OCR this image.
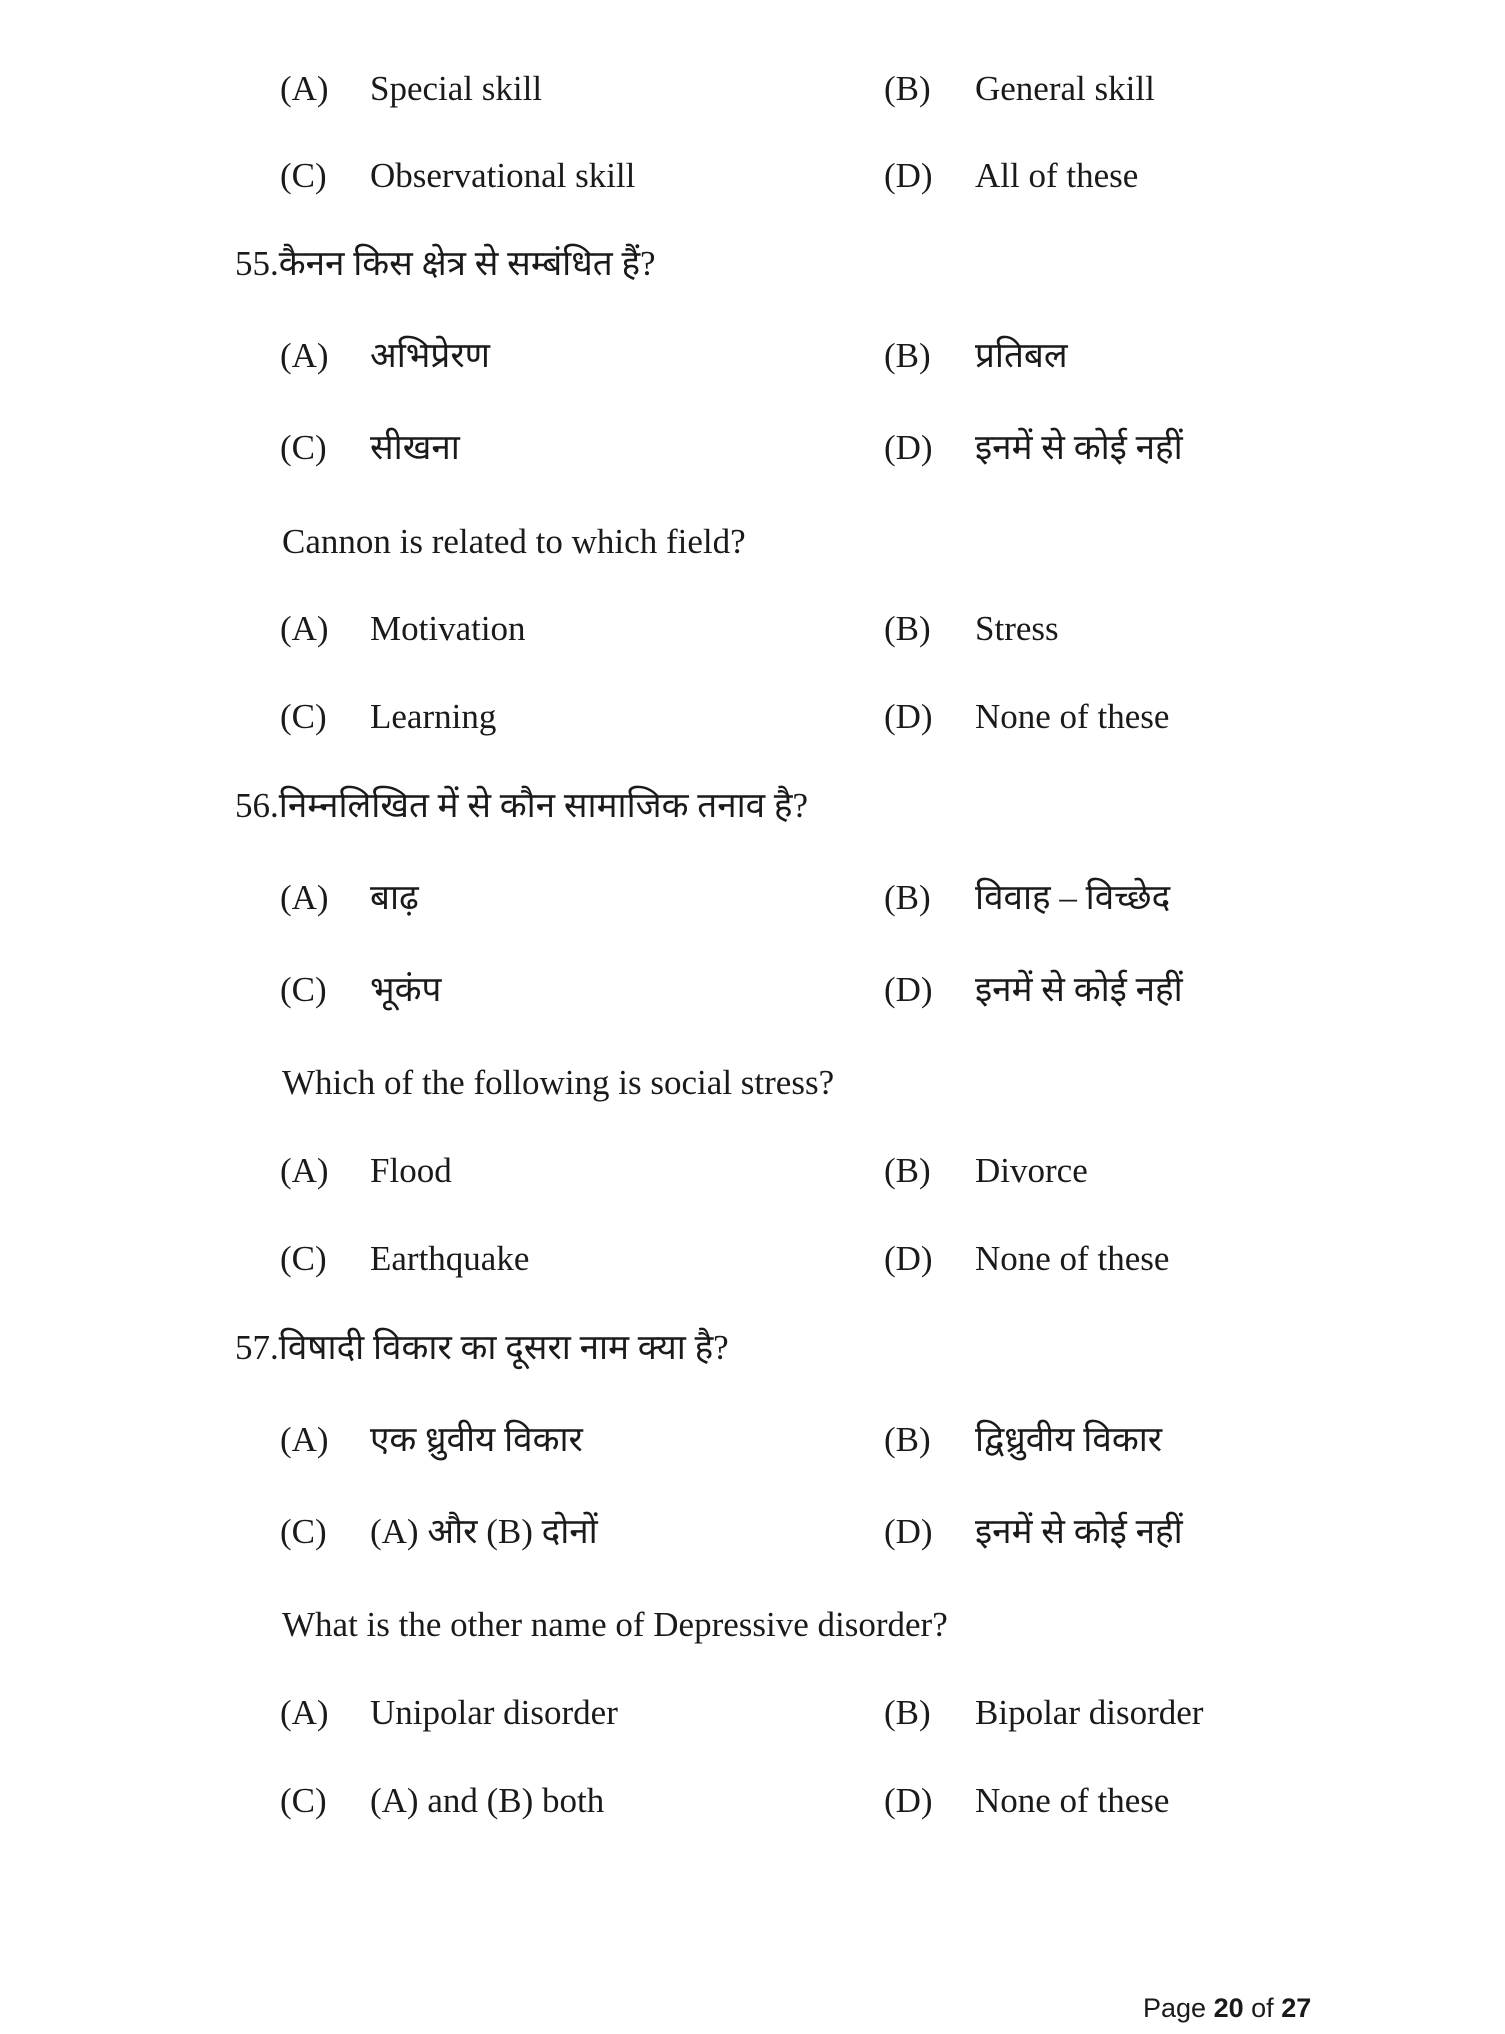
(A) Special skill	(B) General skill
(C) Observational skill	(D) All of these
55.कैनन किस क्षेत्र से सम्बंधित हैं?
(A) अभिप्रेरण	(B) प्रतिबल
(C) सीखना	(D) इनमें से कोई नहीं
Cannon is related to which field?
(A) Motivation	(B) Stress
(C) Learning	(D) None of these
56.निम्नलिखित में से कौन सामाजिक तनाव है?
(A) बाढ़	(B) विवाह – विच्छेद
(C) भूकंप	(D) इनमें से कोई नहीं
Which of the following is social stress?
(A) Flood	(B) Divorce
(C) Earthquake	(D) None of these
57.विषादी विकार का दूसरा नाम क्या है?
(A) एक ध्रुवीय विकार	(B) द्विध्रुवीय विकार
(C) (A) और (B) दोनों	(D) इनमें से कोई नहीं
What is the other name of Depressive disorder?
(A) Unipolar disorder	(B) Bipolar disorder
(C) (A) and (B) both	(D) None of these
Page 20 of 27
